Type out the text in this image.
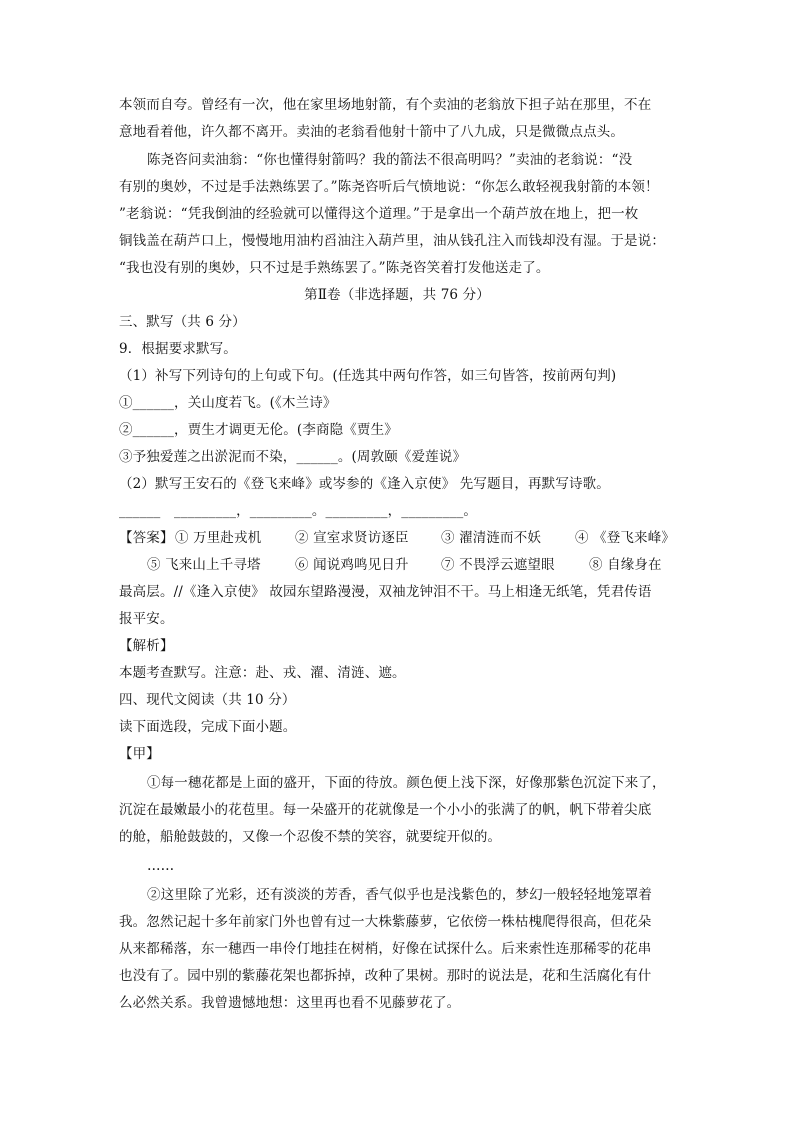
本领而自夸。曾经有一次，他在家里场地射箭，有个卖油的老翁放下担子站在那里，不在
意地看着他，许久都不离开。卖油的老翁看他射十箭中了八九成，只是微微点点头。
陈尧咨问卖油翁：“你也懂得射箭吗？我的箭法不很高明吗？”卖油的老翁说：“没
有别的奥妙，不过是手法熟练罢了。”陈尧咨听后气愤地说：“你怎么敢轻视我射箭的本领！
”老翁说：“凭我倒油的经验就可以懂得这个道理。”于是拿出一个葫芦放在地上，把一枚
铜钱盖在葫芦口上，慢慢地用油杓舀油注入葫芦里，油从钱孔注入而钱却没有湿。于是说：
“我也没有别的奥妙，只不过是手熟练罢了。”陈尧咨笑着打发他送走了。
第Ⅱ卷（非选择题，共 76 分）
三、默写（共 6 分）
9．根据要求默写。
（1）补写下列诗句的上句或下句。(任选其中两句作答，如三句皆答，按前两句判)
①______，关山度若飞。(《木兰诗》
②______，贾生才调更无伦。(李商隐《贾生》
③予独爱莲之出淤泥而不染，______。(周敦颐《爱莲说》
（2）默写王安石的《登飞来峰》或岑参的《逢入京使》 先写题目，再默写诗歌。
______　_________，_________。_________，_________。
【答案】 ① 万里赴戎机 ② 宣室求贤访逐臣 ③ 濯清涟而不妖	④ 《登飞来峰》
⑤ 飞来山上千寻塔	⑥ 闻说鸡鸣见日升 ⑦ 不畏浮云遮望眼	⑧ 自缘身在
最高层。//《逢入京使》 故园东望路漫漫，双袖龙钟泪不干。马上相逢无纸笔，凭君传语
报平安。
【解析】
本题考查默写。注意：赴、戎、濯、清涟、遮。
四、现代文阅读（共 10 分）
读下面选段，完成下面小题。
【甲】
①每一穗花都是上面的盛开，下面的待放。颜色便上浅下深，好像那紫色沉淀下来了，
沉淀在最嫩最小的花苞里。每一朵盛开的花就像是一个小小的张满了的帆，帆下带着尖底
的舱，船舱鼓鼓的，又像一个忍俊不禁的笑容，就要绽开似的。
……
②这里除了光彩，还有淡淡的芳香，香气似乎也是浅紫色的，梦幻一般轻轻地笼罩着
我。忽然记起十多年前家门外也曾有过一大株紫藤萝，它依傍一株枯槐爬得很高，但花朵
从来都稀落，东一穗西一串伶仃地挂在树梢，好像在试探什么。后来索性连那稀零的花串
也没有了。园中别的紫藤花架也都拆掉，改种了果树。那时的说法是，花和生活腐化有什
么必然关系。我曾遗憾地想：这里再也看不见藤萝花了。
